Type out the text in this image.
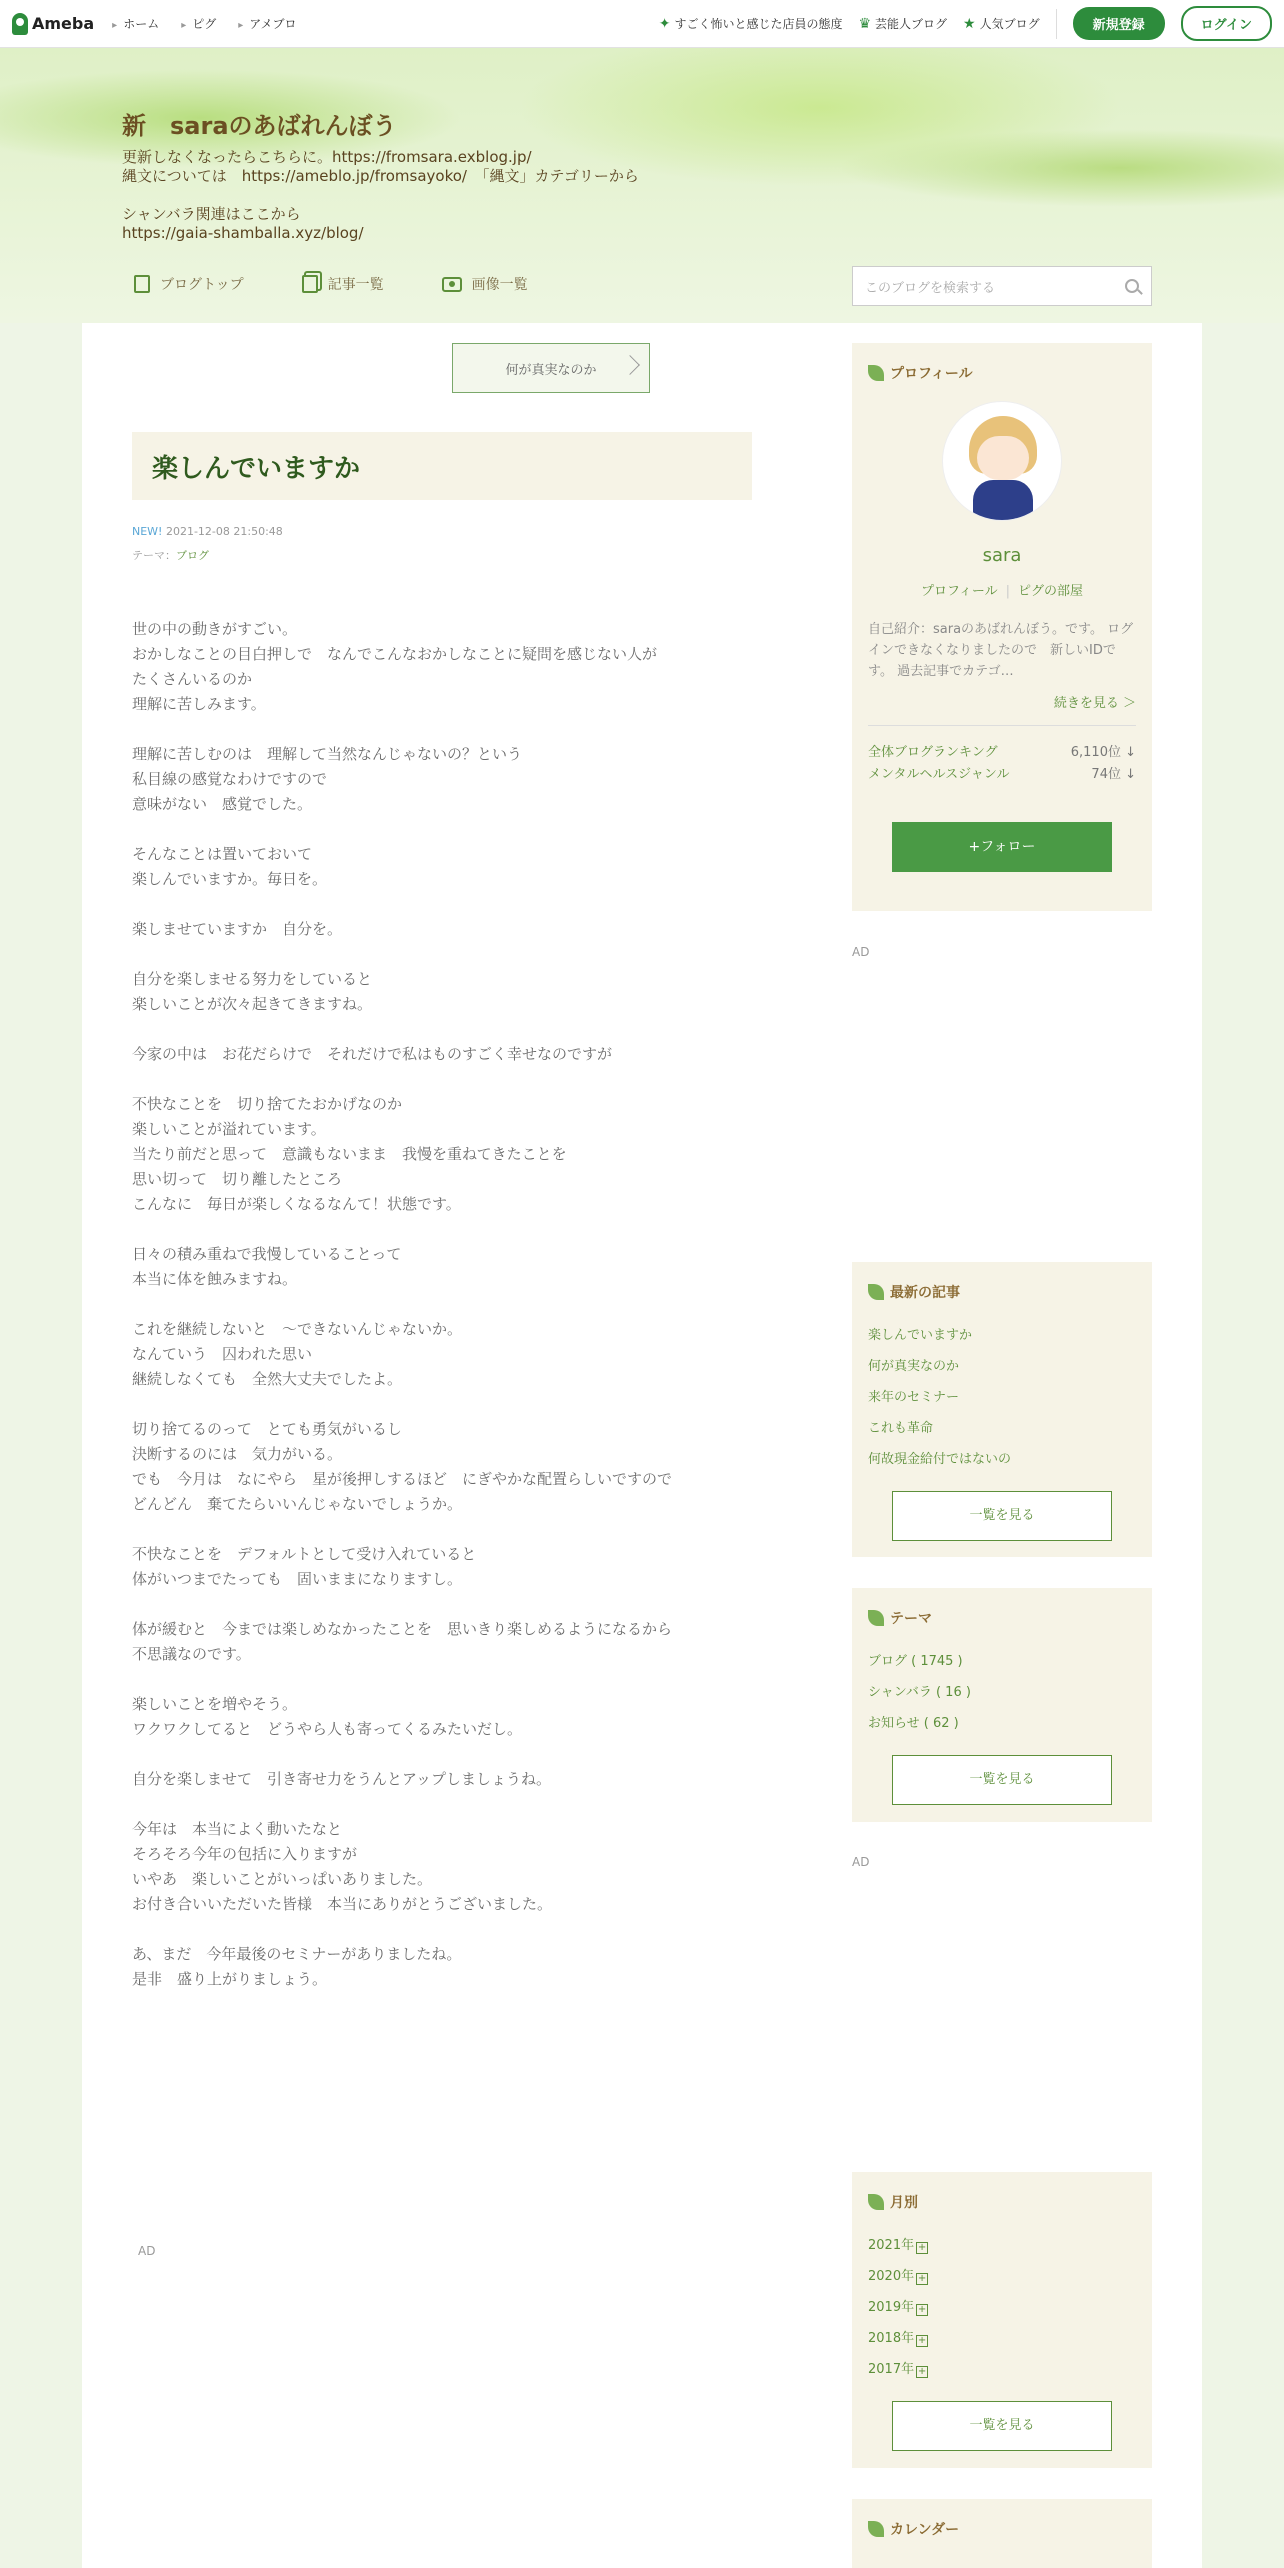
Ameba	▸ ホーム	▸ ピグ	▸ アメブロ	✦ すごく怖いと感じた店員の態度 ♛ 芸能人ブログ ★ 人気ブログ	新規登録	ログイン
新　saraのあばれんぼう
更新しなくなったらこちらに。https://fromsara.exblog.jp/
縄文については　https://ameblo.jp/fromsayoko/　「縄文」カテゴリーから

シャンバラ関連はここから
https://gaia-shamballa.xyz/blog/
ブログトップ	記事一覧	画像一覧	このブログを検索する
何が真実なのか
楽しんでいますか
NEW! 2021-12-08 21:50:48
テーマ：ブログ

世の中の動きがすごい。
おかしなことの目白押しで　なんでこんなおかしなことに疑問を感じない人が
たくさんいるのか
理解に苦しみます。

理解に苦しむのは　理解して当然なんじゃないの？という
私目線の感覚なわけですので
意味がない　感覚でした。

そんなことは置いておいて
楽しんでいますか。毎日を。

楽しませていますか　自分を。

自分を楽しませる努力をしていると
楽しいことが次々起きてきますね。

今家の中は　お花だらけで　それだけで私はものすごく幸せなのですが

不快なことを　切り捨てたおかげなのか
楽しいことが溢れています。
当たり前だと思って　意識もないまま　我慢を重ねてきたことを
思い切って　切り離したところ
こんなに　毎日が楽しくなるなんて！状態です。

日々の積み重ねで我慢していることって
本当に体を蝕みますね。

これを継続しないと　～できないんじゃないか。
なんていう　囚われた思い
継続しなくても　全然大丈夫でしたよ。

切り捨てるのって　とても勇気がいるし
決断するのには　気力がいる。
でも　今月は　なにやら　星が後押しするほど　にぎやかな配置らしいですので
どんどん　棄てたらいいんじゃないでしょうか。

不快なことを　デフォルトとして受け入れていると
体がいつまでたっても　固いままになりますし。

体が緩むと　今までは楽しめなかったことを　思いきり楽しめるようになるから
不思議なのです。

楽しいことを増やそう。
ワクワクしてると　どうやら人も寄ってくるみたいだし。

自分を楽しませて　引き寄せ力をうんとアップしましょうね。

今年は　本当によく動いたなと
そろそろ今年の包括に入りますが
いやあ　楽しいことがいっぱいありました。
お付き合いいただいた皆様　本当にありがとうございました。

あ、まだ　今年最後のセミナーがありましたね。
是非　盛り上がりましょう。

AD
プロフィール
sara
プロフィール | ピグの部屋
自己紹介：saraのあばれんぼう。です。 ログインできなくなりましたので　新しいIDです。 過去記事でカテゴ…
続きを見る ＞
全体ブログランキング	6,110位 ↓
メンタルヘルスジャンル	74位 ↓
+フォロー
AD
最新の記事
楽しんでいますか
何が真実なのか
来年のセミナー
これも革命
何故現金給付ではないの
一覧を見る
テーマ
ブログ ( 1745 )
シャンバラ ( 16 )
お知らせ ( 62 )
一覧を見る
AD
月別
2021年 +
2020年 +
2019年 +
2018年 +
2017年 +
一覧を見る
カレンダー
